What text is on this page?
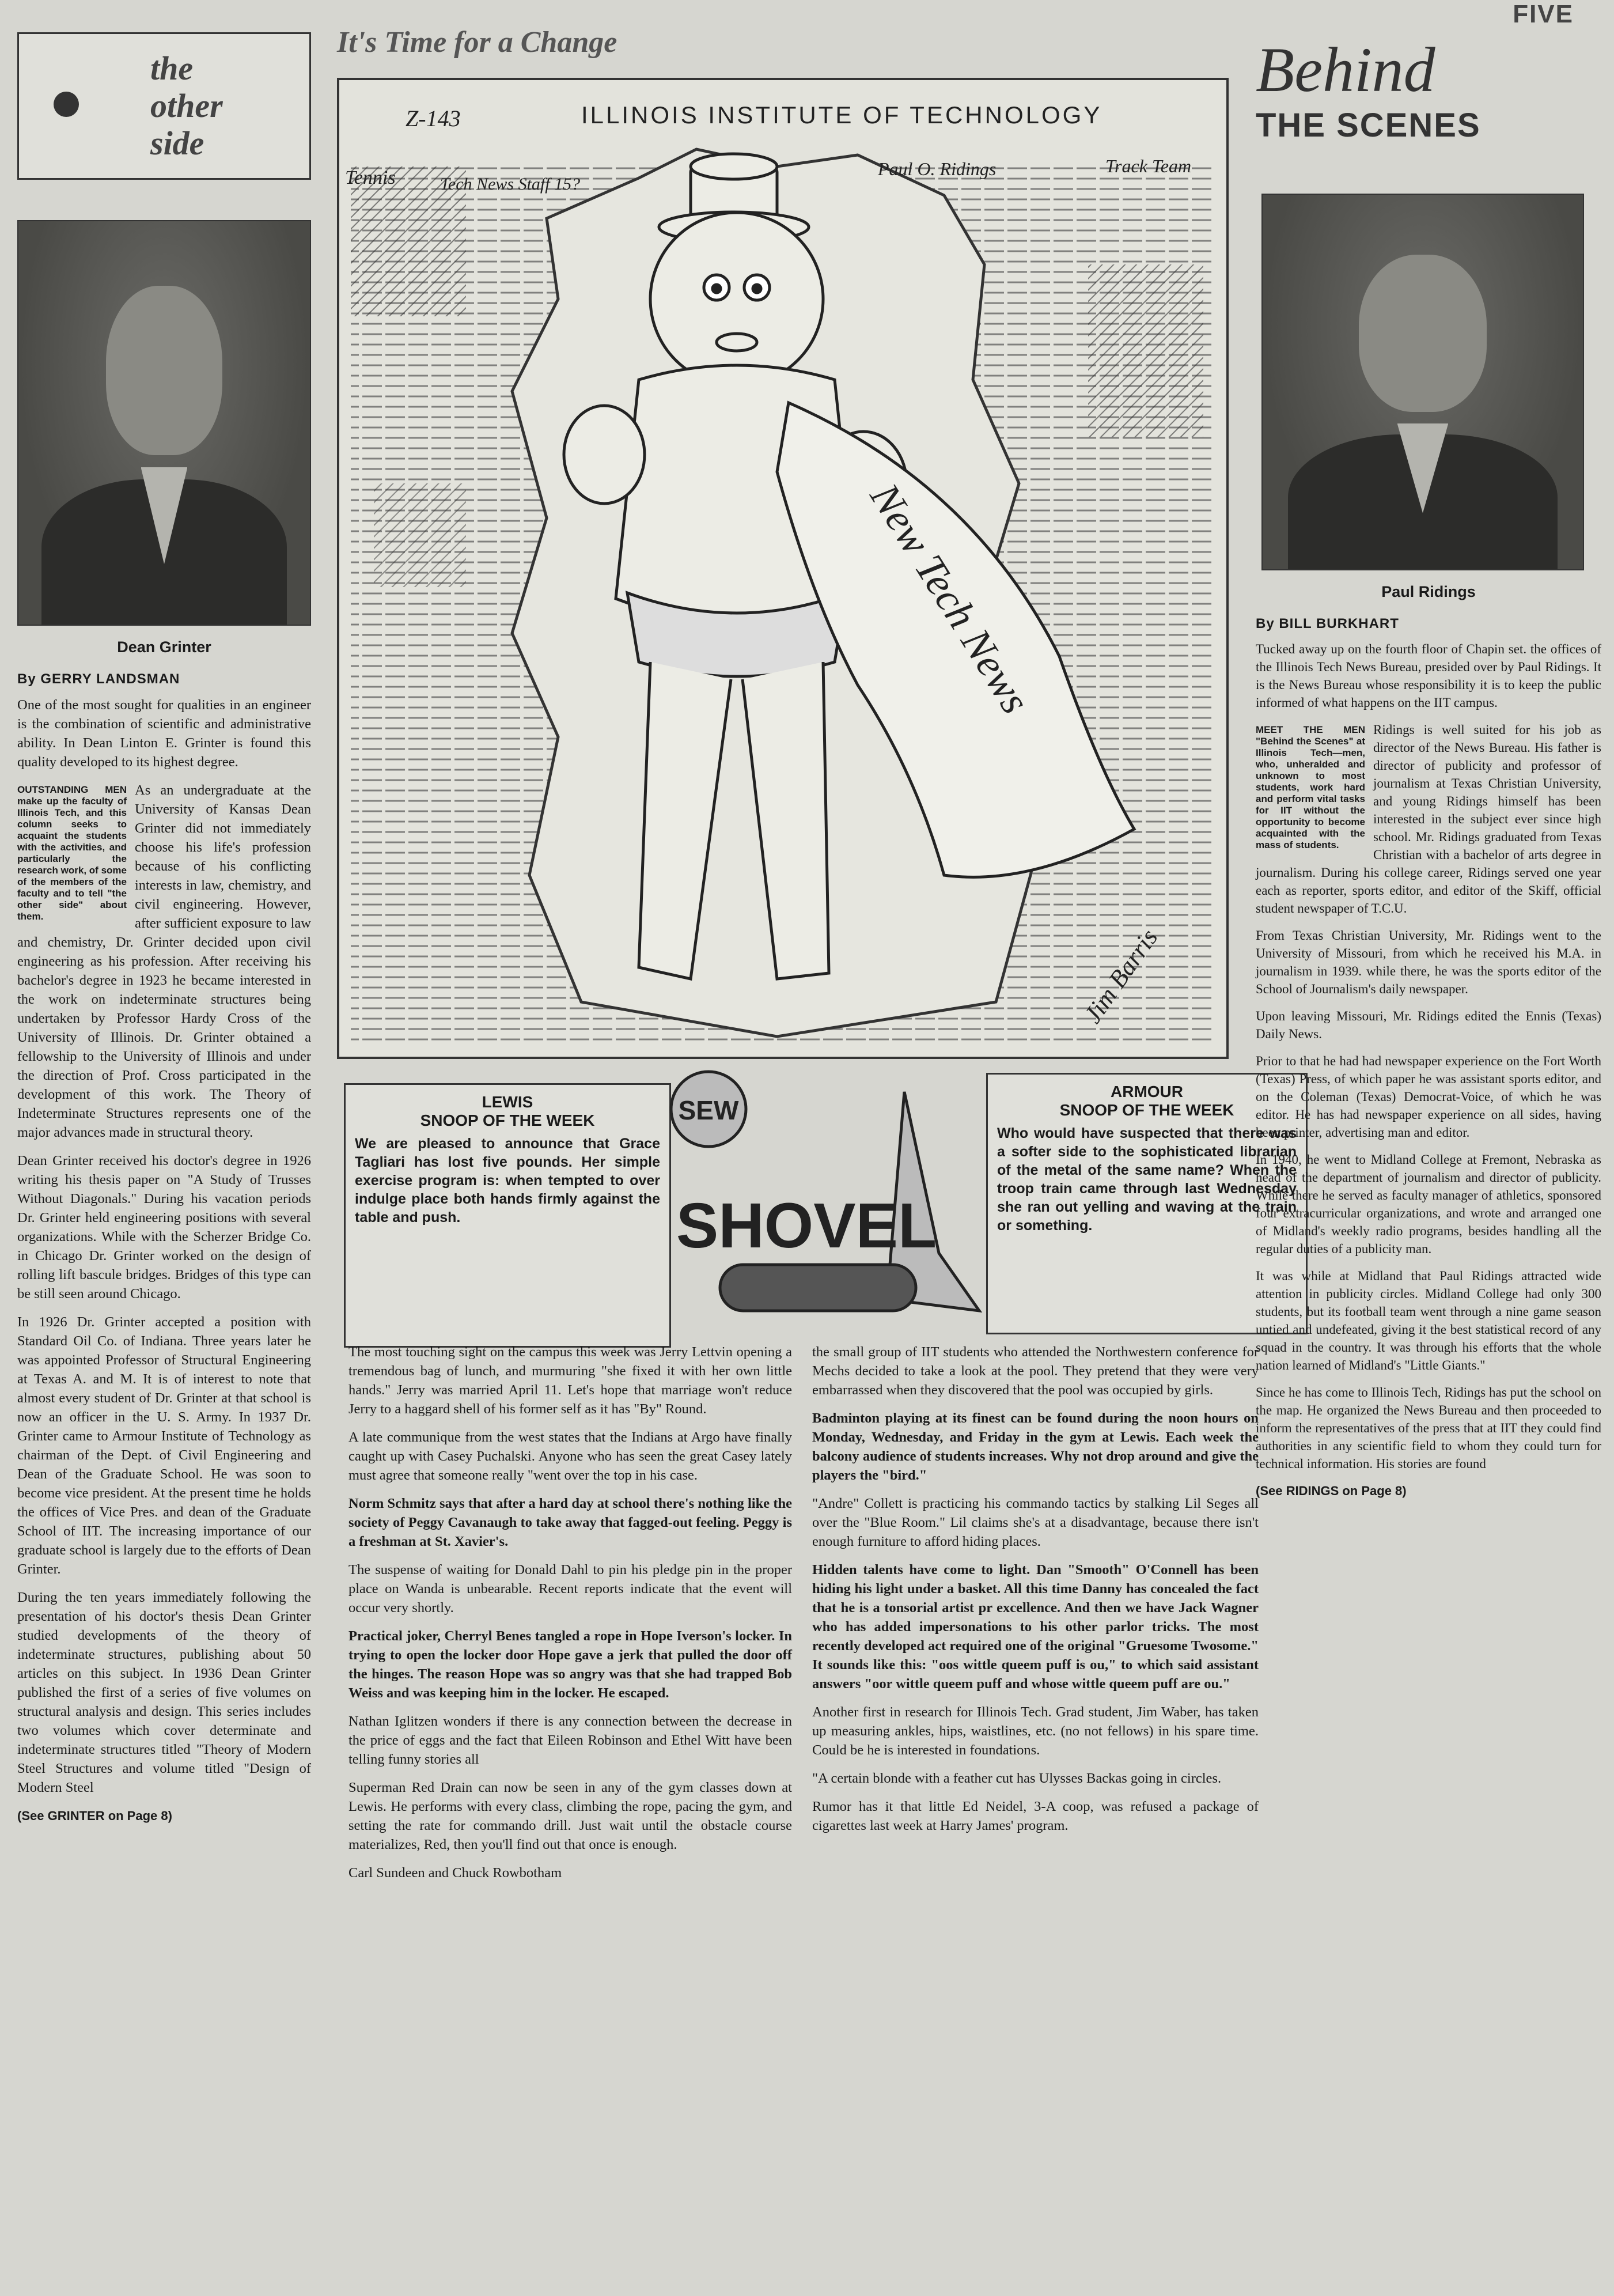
FIVE
the
other
side
Dean Grinter
By GERRY LANDSMAN

One of the most sought for qualities in an engineer is the combination of scientific and administrative ability. In Dean Linton E. Grinter is found this quality developed to its highest degree.

OUTSTANDING MEN make up the faculty of Illinois Tech, and this column seeks to acquaint the students with the activities, and particularly the research work, of some of the members of the faculty and to tell "the other side" about them.
As an undergraduate at the University of Kansas Dean Grinter did not immediately choose his life's profession because of his conflicting interests in law, chemistry, and civil engineering. However, after sufficient exposure to law and chemistry, Dr. Grinter decided upon civil engineering as his profession. After receiving his bachelor's degree in 1923 he became interested in the work on indeterminate structures being undertaken by Professor Hardy Cross of the University of Illinois. Dr. Grinter obtained a fellowship to the University of Illinois and under the direction of Prof. Cross participated in the development of this work. The Theory of Indeterminate Structures represents one of the major advances made in structural theory.

Dean Grinter received his doctor's degree in 1926 writing his thesis paper on "A Study of Trusses Without Diagonals." During his vacation periods Dr. Grinter held engineering positions with several organizations. While with the Scherzer Bridge Co. in Chicago Dr. Grinter worked on the design of rolling lift bascule bridges. Bridges of this type can be still seen around Chicago.

In 1926 Dr. Grinter accepted a position with Standard Oil Co. of Indiana. Three years later he was appointed Professor of Structural Engineering at Texas A. and M. It is of interest to note that almost every student of Dr. Grinter at that school is now an officer in the U. S. Army. In 1937 Dr. Grinter came to Armour Institute of Technology as chairman of the Dept. of Civil Engineering and Dean of the Graduate School. He was soon to become vice president. At the present time he holds the offices of Vice Pres. and dean of the Graduate School of IIT. The increasing importance of our graduate school is largely due to the efforts of Dean Grinter.

During the ten years immediately following the presentation of his doctor's thesis Dean Grinter studied developments of the theory of indeterminate structures, publishing about 50 articles on this subject. In 1936 Dean Grinter published the first of a series of five volumes on structural analysis and design. This series includes two volumes which cover determinate and indeterminate structures titled "Theory of Modern Steel Structures and volume titled "Design of Modern Steel

(See GRINTER on Page 8)
It's Time for a Change
New Tech News
ILLINOIS INSTITUTE OF TECHNOLOGY
Z-143
Tennis	Tech News Staff 15?
Paul O. Ridings	Track Team
Jim Barris
LEWIS
SNOOP OF THE WEEK
We are pleased to announce that Grace Tagliari has lost five pounds. Her simple exercise program is: when tempted to over indulge place both hands firmly against the table and push.
SEW
SHOVEL
ARMOUR
SNOOP OF THE WEEK
Who would have suspected that there was a softer side to the sophisticated librarian of the metal of the same name? When the troop train came through last Wednesday she ran out yelling and waving at the train or something.

The most touching sight on the campus this week was Jerry Lettvin opening a tremendous bag of lunch, and murmuring "she fixed it with her own little hands." Jerry was married April 11. Let's hope that marriage won't reduce Jerry to a haggard shell of his former self as it has "By" Round.

A late communique from the west states that the Indians at Argo have finally caught up with Casey Puchalski. Anyone who has seen the great Casey lately must agree that someone really "went over the top in his case.

Norm Schmitz says that after a hard day at school there's nothing like the society of Peggy Cavanaugh to take away that fagged-out feeling. Peggy is a freshman at St. Xavier's.

The suspense of waiting for Donald Dahl to pin his pledge pin in the proper place on Wanda is unbearable. Recent reports indicate that the event will occur very shortly.

Practical joker, Cherryl Benes tangled a rope in Hope Iverson's locker. In trying to open the locker door Hope gave a jerk that pulled the door off the hinges. The reason Hope was so angry was that she had trapped Bob Weiss and was keeping him in the locker. He escaped.

Nathan Iglitzen wonders if there is any connection between the decrease in the price of eggs and the fact that Eileen Robinson and Ethel Witt have been telling funny stories all

Superman Red Drain can now be seen in any of the gym classes down at Lewis. He performs with every class, climbing the rope, pacing the gym, and setting the rate for commando drill. Just wait until the obstacle course materializes, Red, then you'll find out that once is enough.

Carl Sundeen and Chuck Rowbotham

the small group of IIT students who attended the Northwestern conference for Mechs decided to take a look at the pool. They pretend that they were very embarrassed when they discovered that the pool was occupied by girls.

Badminton playing at its finest can be found during the noon hours on Monday, Wednesday, and Friday in the gym at Lewis. Each week the balcony audience of students increases. Why not drop around and give the players the "bird."

"Andre" Collett is practicing his commando tactics by stalking Lil Seges all over the "Blue Room." Lil claims she's at a disadvantage, because there isn't enough furniture to afford hiding places.

Hidden talents have come to light. Dan "Smooth" O'Connell has been hiding his light under a basket. All this time Danny has concealed the fact that he is a tonsorial artist pr excellence. And then we have Jack Wagner who has added impersonations to his other parlor tricks. The most recently developed act required one of the original "Gruesome Twosome." It sounds like this: "oos wittle queem puff is ou," to which said assistant answers "oor wittle queem puff and whose wittle queem puff are ou."

Another first in research for Illinois Tech. Grad student, Jim Waber, has taken up measuring ankles, hips, waistlines, etc. (no not fellows) in his spare time. Could be he is interested in foundations.

"A certain blonde with a feather cut has Ulysses Backas going in circles.

Rumor has it that little Ed Neidel, 3-A coop, was refused a package of cigarettes last week at Harry James' program.

Behind
THE SCENES
Paul Ridings
By BILL BURKHART

Tucked away up on the fourth floor of Chapin set. the offices of the Illinois Tech News Bureau, presided over by Paul Ridings. It is the News Bureau whose responsibility it is to keep the public informed of what happens on the IIT campus.

MEET THE MEN "Behind the Scenes" at Illinois Tech—men, who, unheralded and unknown to most students, work hard and perform vital tasks for IIT without the opportunity to become acquainted with the mass of students.
Ridings is well suited for his job as director of the News Bureau. His father is director of publicity and professor of journalism at Texas Christian University, and young Ridings himself has been interested in the subject ever since high school. Mr. Ridings graduated from Texas Christian with a bachelor of arts degree in journalism. During his college career, Ridings served one year each as reporter, sports editor, and editor of the Skiff, official student newspaper of T.C.U.

From Texas Christian University, Mr. Ridings went to the University of Missouri, from which he received his M.A. in journalism in 1939. while there, he was the sports editor of the School of Journalism's daily newspaper.

Upon leaving Missouri, Mr. Ridings edited the Ennis (Texas) Daily News.

Prior to that he had had newspaper experience on the Fort Worth (Texas) Press, of which paper he was assistant sports editor, and on the Coleman (Texas) Democrat-Voice, of which he was editor. He has had newspaper experience on all sides, having been printer, advertising man and editor.

In 1940, he went to Midland College at Fremont, Nebraska as head of the department of journalism and director of publicity. While there he served as faculty manager of athletics, sponsored four extracurricular organizations, and wrote and arranged one of Midland's weekly radio programs, besides handling all the regular duties of a publicity man.

It was while at Midland that Paul Ridings attracted wide attention in publicity circles. Midland College had only 300 students, but its football team went through a nine game season untied and undefeated, giving it the best statistical record of any squad in the country. It was through his efforts that the whole nation learned of Midland's "Little Giants."

Since he has come to Illinois Tech, Ridings has put the school on the map. He organized the News Bureau and then proceeded to inform the representatives of the press that at IIT they could find authorities in any scientific field to whom they could turn for technical information. His stories are found

(See RIDINGS on Page 8)
